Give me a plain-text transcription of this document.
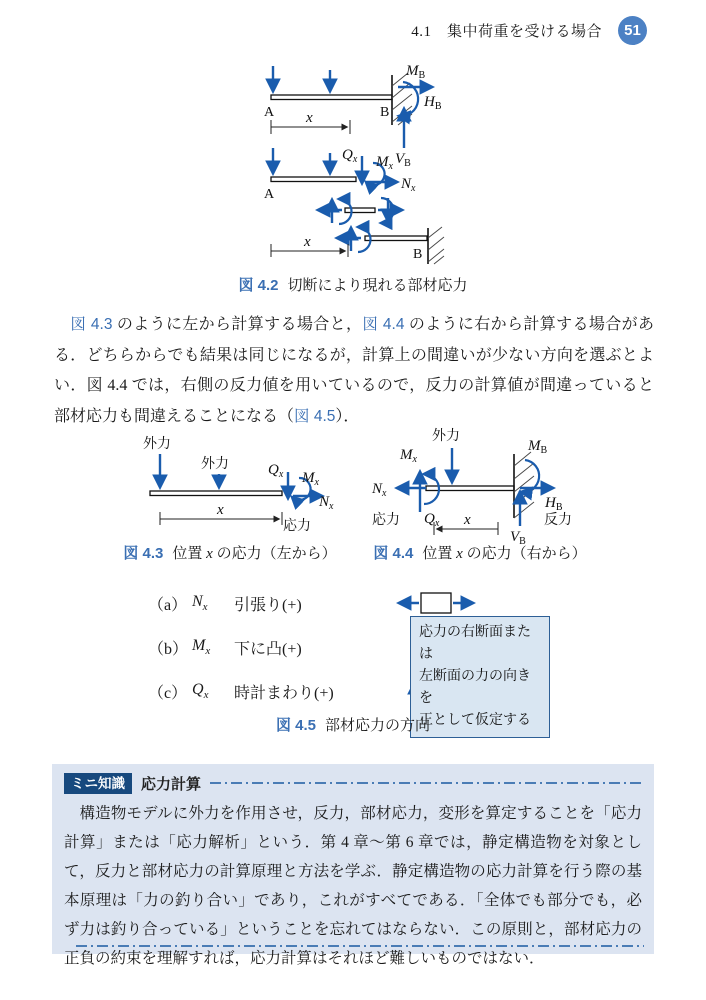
4.1　集中荷重を受ける場合	51
A	B
$M_B$
$H_B$
$V_B$
x
A
$Q_x$ $M_x$
$N_x$
B
x
図 4.2 切断により現れる部材応力
　図 4.3 のように左から計算する場合と，図 4.4 のように右から計算する場合がある．どちらからでも結果は同じになるが，計算上の間違いが少ない方向を選ぶとよい．図 4.4 では，右側の反力値を用いているので，反力の計算値が間違っていると部材応力も間違えることになる（図 4.5）．
外力
外力	$Q_x$ $M_x$
$N_x$
応力
x
外力
$M_x$
$N_x$
$Q_x$
応力
$M_B$
$H_B$
$V_B$
反力
x
図 4.3 位置 x の応力（左から）	図 4.4 位置 x の応力（右から）
（a） $N_x$	引張り(+)
（b） $M_x$	下に凸(+)
（c） $Q_x$	時計まわり(+)
応力の右断面または
左断面の力の向きを
正として仮定する
図 4.5 部材応力の方向
ミニ知識	応力計算
構造物モデルに外力を作用させ，反力，部材応力，変形を算定することを「応力計算」または「応力解析」という．第 4 章～第 6 章では，静定構造物を対象として，反力と部材応力の計算原理と方法を学ぶ．静定構造物の応力計算を行う際の基本原理は「力の釣り合い」であり，これがすべてである．「全体でも部分でも，必ず力は釣り合っている」ということを忘れてはならない．この原則と，部材応力の正負の約束を理解すれば，応力計算はそれほど難しいものではない．
